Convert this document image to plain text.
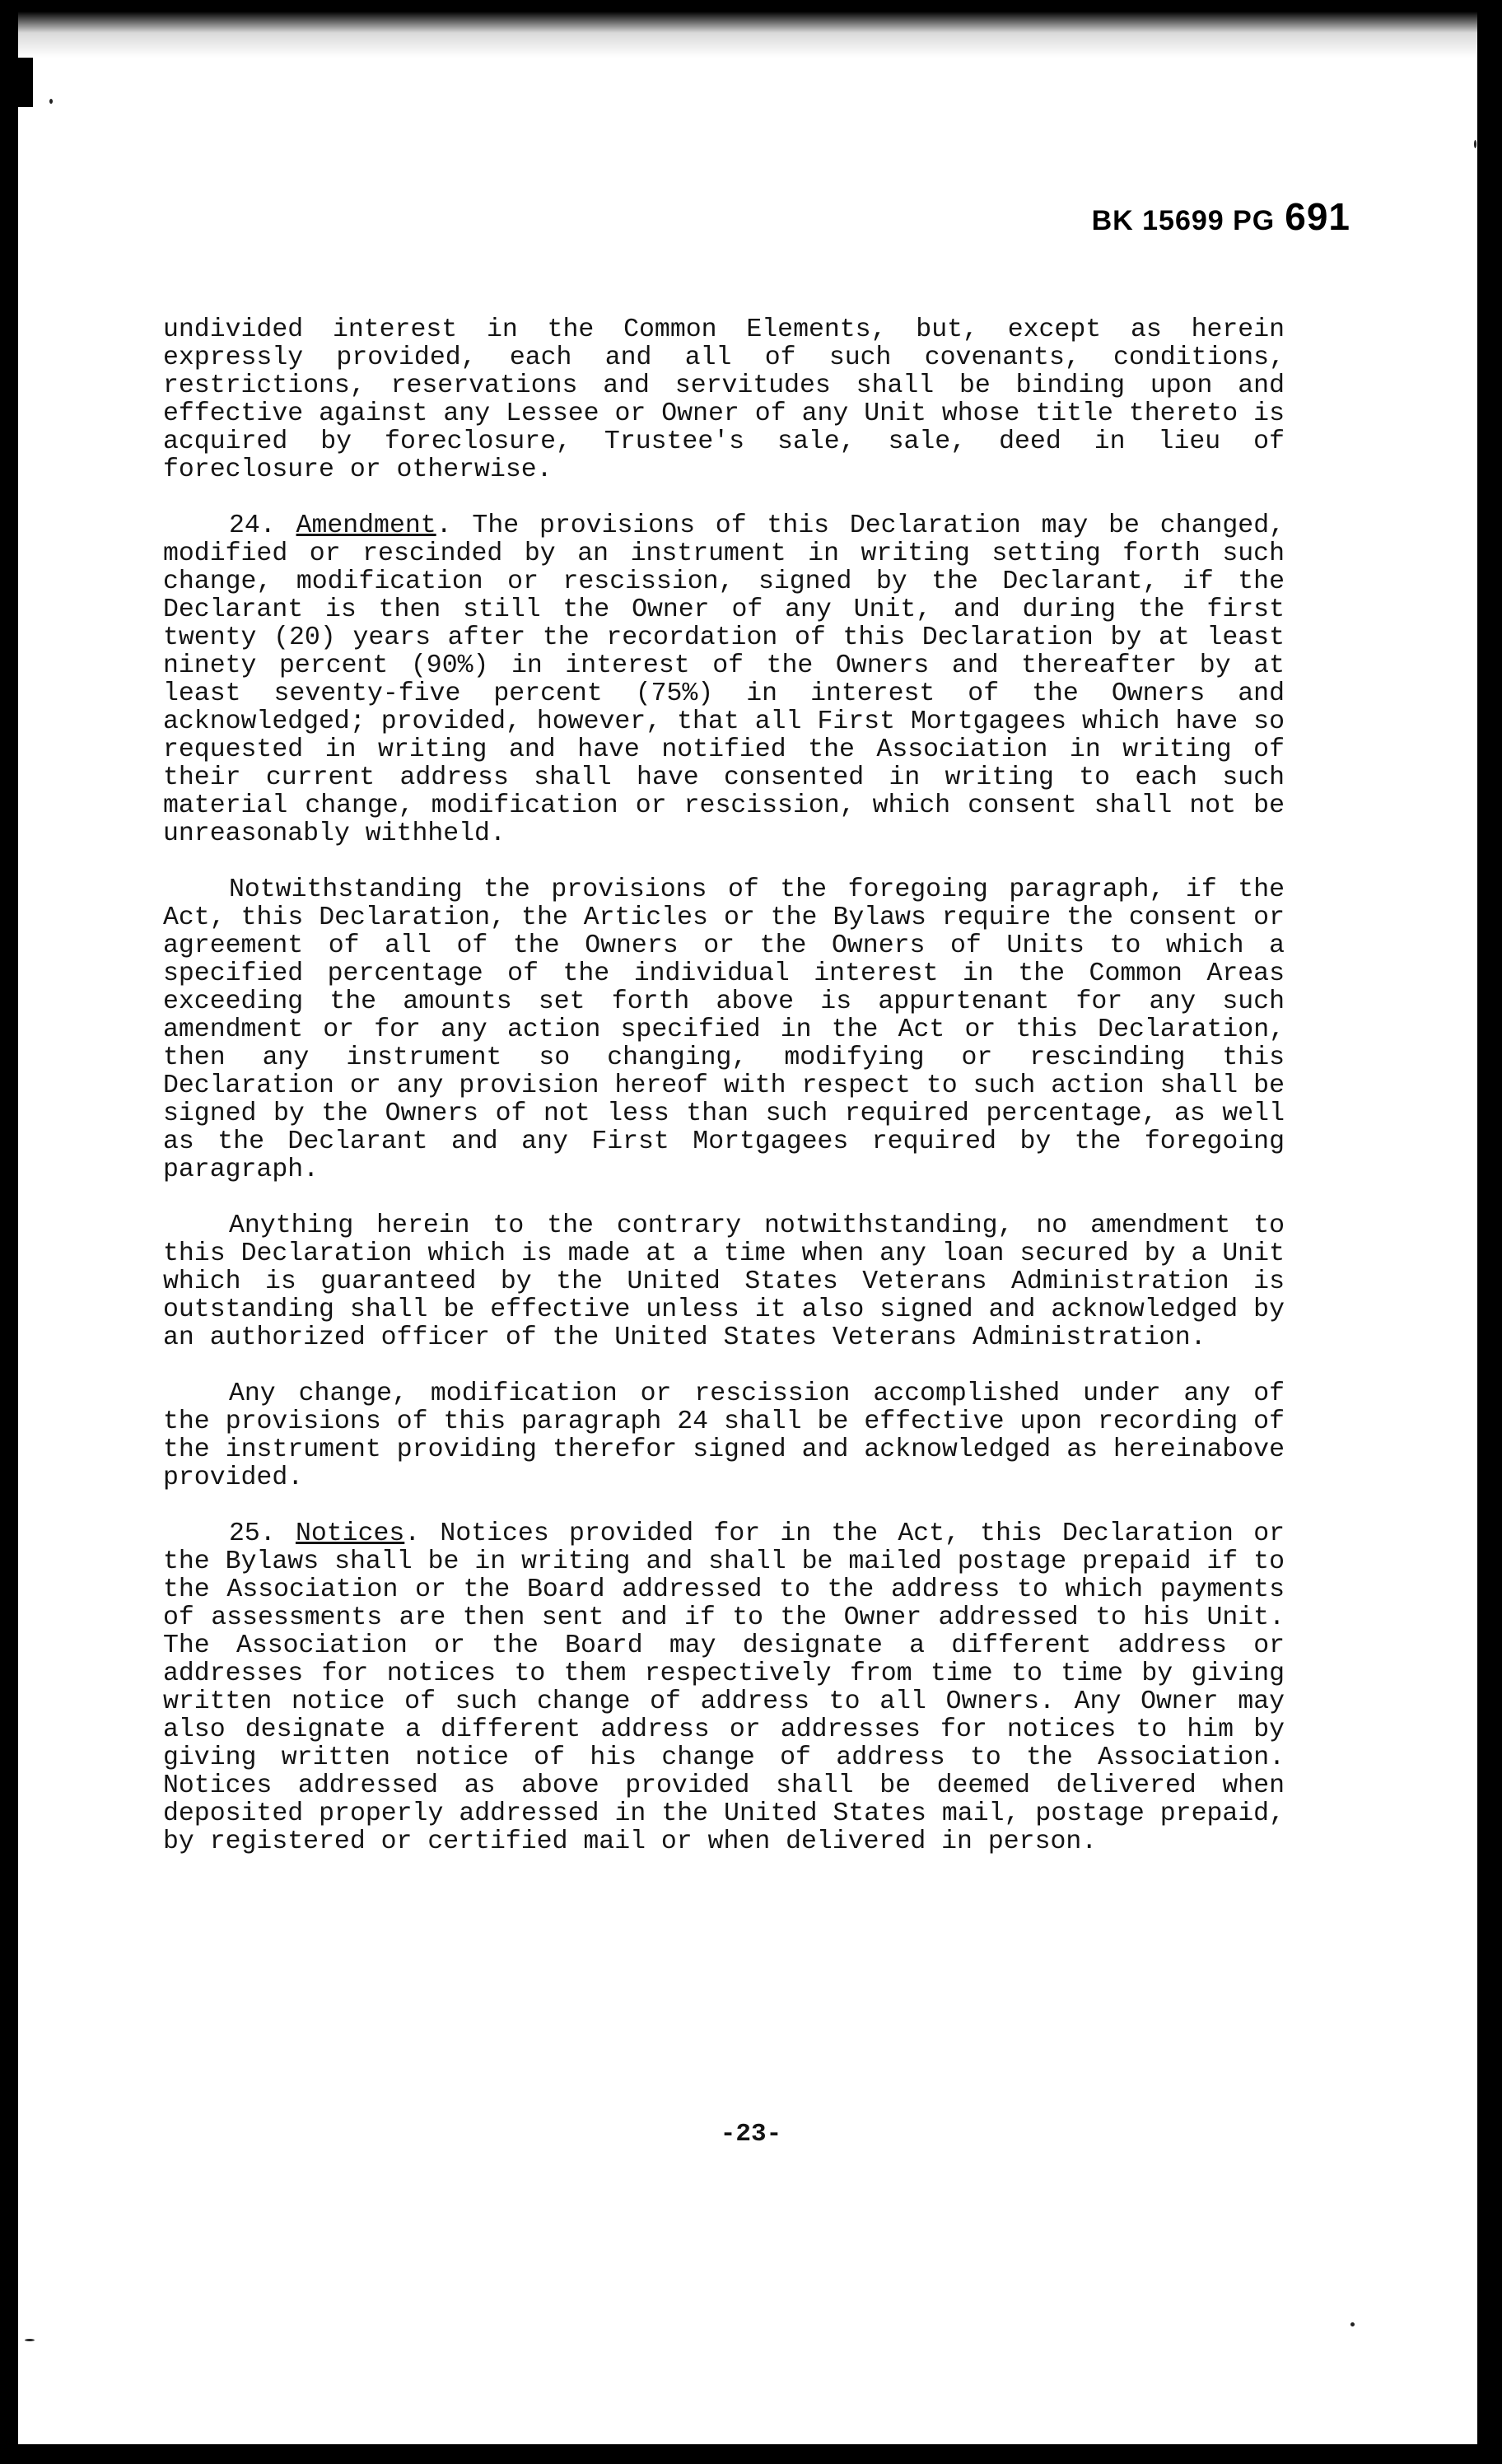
BK 15699 PG 691

undivided interest in the Common Elements, but, except as herein expressly provided, each and all of such covenants, conditions, restrictions, reservations and servitudes shall be binding upon and effective against any Lessee or Owner of any Unit whose title thereto is acquired by foreclosure, Trustee's sale, sale, deed in lieu of foreclosure or otherwise.

24. Amendment. The provisions of this Declaration may be changed, modified or rescinded by an instrument in writing setting forth such change, modification or rescission, signed by the Declarant, if the Declarant is then still the Owner of any Unit, and during the first twenty (20) years after the recordation of this Declaration by at least ninety percent (90%) in interest of the Owners and thereafter by at least seventy-five percent (75%) in interest of the Owners and acknowledged; provided, however, that all First Mortgagees which have so requested in writing and have notified the Association in writing of their current address shall have consented in writing to each such material change, modification or rescission, which consent shall not be unreasonably withheld.

Notwithstanding the provisions of the foregoing paragraph, if the Act, this Declaration, the Articles or the Bylaws require the consent or agreement of all of the Owners or the Owners of Units to which a specified percentage of the individual interest in the Common Areas exceeding the amounts set forth above is appurtenant for any such amendment or for any action specified in the Act or this Declaration, then any instrument so changing, modifying or rescinding this Declaration or any provision hereof with respect to such action shall be signed by the Owners of not less than such required percentage, as well as the Declarant and any First Mortgagees required by the foregoing paragraph.

Anything herein to the contrary notwithstanding, no amendment to this Declaration which is made at a time when any loan secured by a Unit which is guaranteed by the United States Veterans Administration is outstanding shall be effective unless it also signed and acknowledged by an authorized officer of the United States Veterans Administration.

Any change, modification or rescission accomplished under any of the provisions of this paragraph 24 shall be effective upon recording of the instrument providing therefor signed and acknowledged as hereinabove provided.

25. Notices. Notices provided for in the Act, this Declaration or the Bylaws shall be in writing and shall be mailed postage prepaid if to the Association or the Board addressed to the address to which payments of assessments are then sent and if to the Owner addressed to his Unit. The Association or the Board may designate a different address or addresses for notices to them respectively from time to time by giving written notice of such change of address to all Owners. Any Owner may also designate a different address or addresses for notices to him by giving written notice of his change of address to the Association. Notices addressed as above provided shall be deemed delivered when deposited properly addressed in the United States mail, postage prepaid, by registered or certified mail or when delivered in person.

-23-
